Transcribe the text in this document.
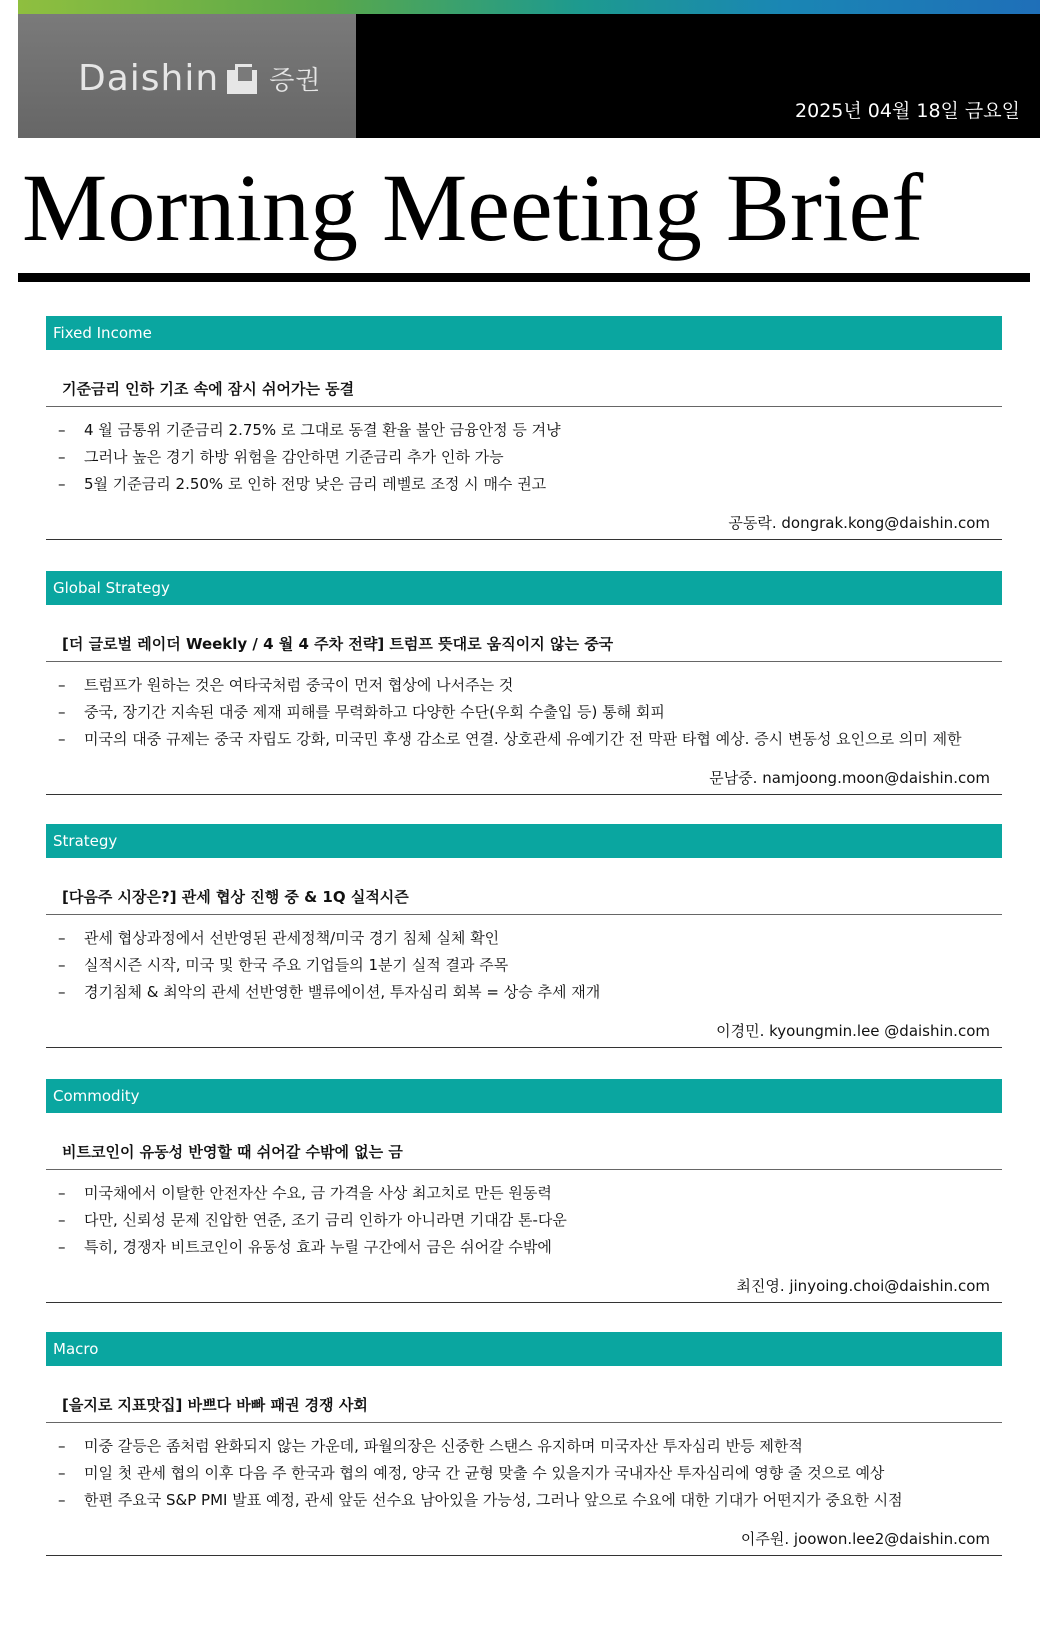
Daishin 증권
2025년 04월 18일 금요일
Morning Meeting Brief
Fixed Income
기준금리 인하 기조 속에 잠시 쉬어가는 동결
– 4 월 금통위 기준금리 2.75% 로 그대로 동결 환율 불안 금융안정 등 겨냥
– 그러나 높은 경기 하방 위험을 감안하면 기준금리 추가 인하 가능
– 5월 기준금리 2.50% 로 인하 전망 낮은 금리 레벨로 조정 시 매수 권고
공동락. dongrak.kong@daishin.com
Global Strategy
[더 글로벌 레이더 Weekly / 4 월 4 주차 전략] 트럼프 뜻대로 움직이지 않는 중국
– 트럼프가 원하는 것은 여타국처럼 중국이 먼저 협상에 나서주는 것
– 중국, 장기간 지속된 대중 제재 피해를 무력화하고 다양한 수단(우회 수출입 등) 통해 회피
– 미국의 대중 규제는 중국 자립도 강화, 미국민 후생 감소로 연결. 상호관세 유예기간 전 막판 타협 예상. 증시 변동성 요인으로 의미 제한
문남중. namjoong.moon@daishin.com
Strategy
[다음주 시장은?] 관세 협상 진행 중 & 1Q 실적시즌
– 관세 협상과정에서 선반영된 관세정책/미국 경기 침체 실체 확인
– 실적시즌 시작, 미국 및 한국 주요 기업들의 1분기 실적 결과 주목
– 경기침체 & 최악의 관세 선반영한 밸류에이션, 투자심리 회복 = 상승 추세 재개
이경민. kyoungmin.lee @daishin.com
Commodity
비트코인이 유동성 반영할 때 쉬어갈 수밖에 없는 금
– 미국채에서 이탈한 안전자산 수요, 금 가격을 사상 최고치로 만든 원동력
– 다만, 신뢰성 문제 진압한 연준, 조기 금리 인하가 아니라면 기대감 톤-다운
– 특히, 경쟁자 비트코인이 유동성 효과 누릴 구간에서 금은 쉬어갈 수밖에
최진영. jinyoing.choi@daishin.com
Macro
[을지로 지표맛집] 바쁘다 바빠 패권 경쟁 사회
– 미중 갈등은 좀처럼 완화되지 않는 가운데, 파월의장은 신중한 스탠스 유지하며 미국자산 투자심리 반등 제한적
– 미일 첫 관세 협의 이후 다음 주 한국과 협의 예정, 양국 간 균형 맞출 수 있을지가 국내자산 투자심리에 영향 줄 것으로 예상
– 한편 주요국 S&P PMI 발표 예정, 관세 앞둔 선수요 남아있을 가능성, 그러나 앞으로 수요에 대한 기대가 어떤지가 중요한 시점
이주원. joowon.lee2@daishin.com
